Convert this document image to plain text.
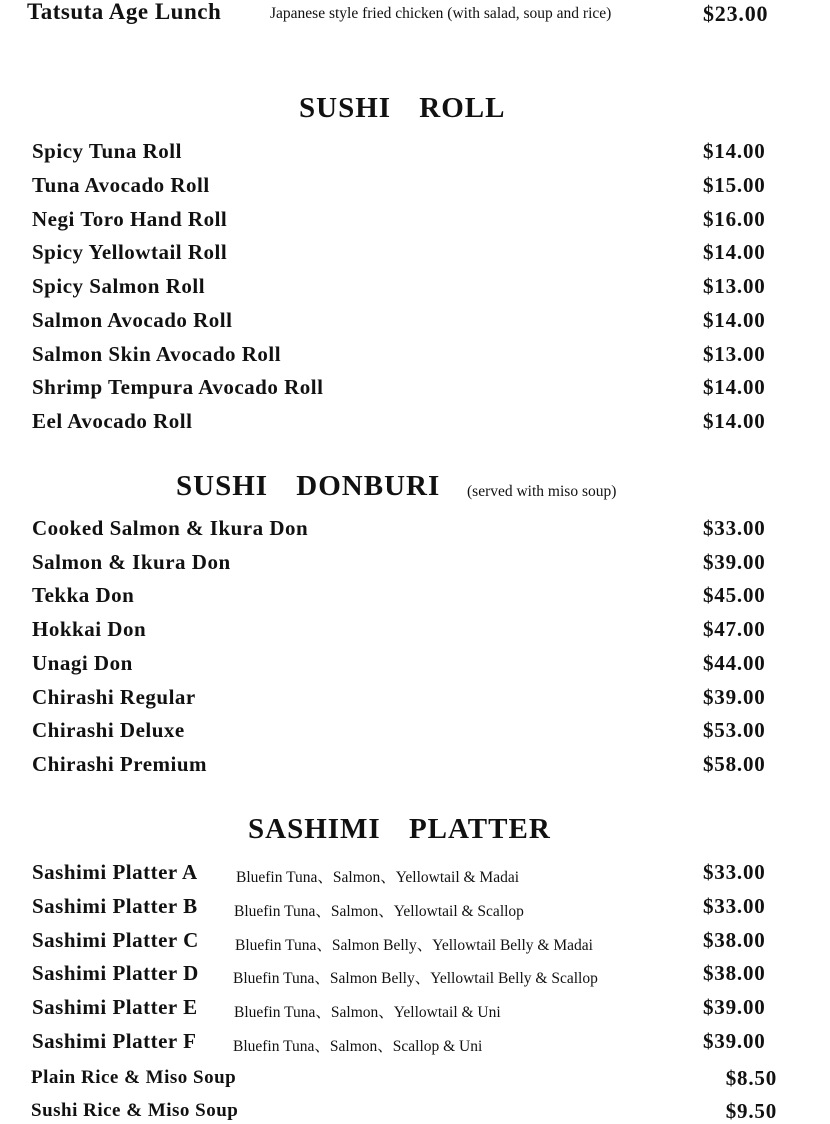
Tatsuta Age Lunch	Japanese style fried chicken (with salad, soup and rice)	$23.00
SUSHI ROLL
Spicy Tuna Roll	$14.00
Tuna Avocado Roll	$15.00
Negi Toro Hand Roll	$16.00
Spicy Yellowtail Roll	$14.00
Spicy Salmon Roll	$13.00
Salmon Avocado Roll	$14.00
Salmon Skin Avocado Roll	$13.00
Shrimp Tempura Avocado Roll	$14.00
Eel Avocado Roll	$14.00
SUSHI DONBURI (served with miso soup)
Cooked Salmon & Ikura Don	$33.00
Salmon & Ikura Don	$39.00
Tekka Don	$45.00
Hokkai Don	$47.00
Unagi Don	$44.00
Chirashi Regular	$39.00
Chirashi Deluxe	$53.00
Chirashi Premium	$58.00
SASHIMI PLATTER
Sashimi Platter A Bluefin Tuna、Salmon、Yellowtail & Madai	$33.00
Sashimi Platter B Bluefin Tuna、Salmon、Yellowtail & Scallop	$33.00
Sashimi Platter C Bluefin Tuna、Salmon Belly、Yellowtail Belly & Madai	$38.00
Sashimi Platter D Bluefin Tuna、Salmon Belly、Yellowtail Belly & Scallop	$38.00
Sashimi Platter E Bluefin Tuna、Salmon、Yellowtail & Uni	$39.00
Sashimi Platter F Bluefin Tuna、Salmon、Scallop & Uni	$39.00
Plain Rice & Miso Soup	$8.50
Sushi Rice & Miso Soup	$9.50
